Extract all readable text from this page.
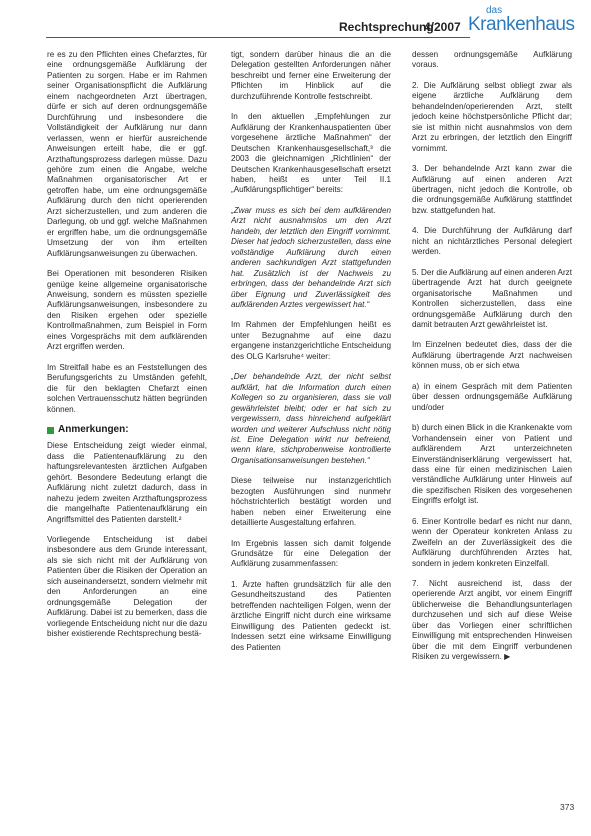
Rechtsprechung
4/2007
das
Krankenhaus

re es zu den Pflichten eines Chefarztes, für eine ordnungsgemäße Aufklärung der Patienten zu sorgen. Habe er im Rahmen seiner Organisationspflicht die Aufklärung einem nachgeordneten Arzt übertragen, dürfe er sich auf deren ordnungsgemäße Durchführung und insbesondere die Vollständigkeit der Aufklärung nur dann verlassen, wenn er hierfür ausreichende Anweisungen erteilt habe, die er ggf. Arzthaftungsprozess darlegen müsse. Dazu gehöre zum einen die Angabe, welche Maßnahmen organisatorischer Art er getroffen habe, um eine ordnungsgemäße Aufklärung durch den nicht operierenden Arzt sicherzustellen, und zum anderen die Darlegung, ob und ggf. welche Maßnahmen er ergriffen habe, um die ordnungsgemäße Umsetzung der von ihm erteilten Aufklärungsanweisungen zu überwachen.

Bei Operationen mit besonderen Risiken genüge keine allgemeine organisatorische Anweisung, sondern es müssten spezielle Aufklärungsanweisungen, insbesondere zu den Risiken ergehen oder spezielle Kontrollmaßnahmen, zum Beispiel in Form eines Vorgesprächs mit dem aufklärenden Arzt ergriffen werden.

Im Streitfall habe es an Feststellungen des Berufungsgerichts zu Umständen gefehlt, die für den beklagten Chefarzt einen solchen Vertrauensschutz hätten begründen können.

Anmerkungen:

Diese Entscheidung zeigt wieder einmal, dass die Patientenaufklärung zu den haftungsrelevantesten ärztlichen Aufgaben gehört. Besondere Bedeutung erlangt die Aufklärung nicht zuletzt dadurch, dass in nahezu jedem zweiten Arzthaftungsprozess die mangelhafte Patientenaufklärung ein Angriffsmittel des Patienten darstellt.²

Vorliegende Entscheidung ist dabei insbesondere aus dem Grunde interessant, als sie sich nicht mit der Aufklärung von Patienten über die Risiken der Operation an sich auseinandersetzt, sondern vielmehr mit den Anforderungen an eine ordnungsgemäße Delegation der Aufklärung. Dabei ist zu bemerken, dass die vorliegende Entscheidung nicht nur die dazu bisher existierende Rechtsprechung bestä-

tigt, sondern darüber hinaus die an die Delegation gestellten Anforderungen näher beschreibt und ferner eine Erweiterung der Pflichten im Hinblick auf die durchzuführende Kontrolle festschreibt.

In den aktuellen „Empfehlungen zur Aufklärung der Krankenhauspatienten über vorgesehene ärztliche Maßnahmen“ der Deutschen Krankenhausgesellschaft,³ die 2003 die gleichnamigen „Richtlinien“ der Deutschen Krankenhausgesellschaft ersetzt haben, heißt es unter Teil II.1 „Aufklärungspflichtiger“ bereits:

„Zwar muss es sich bei dem aufklärenden Arzt nicht ausnahmslos um den Arzt handeln, der letztlich den Eingriff vornimmt. Dieser hat jedoch sicherzustellen, dass eine vollständige Aufklärung durch einen anderen sachkundigen Arzt stattgefunden hat. Zusätzlich ist der Nachweis zu erbringen, dass der behandelnde Arzt sich über Eignung und Zuverlässigkeit des aufklärenden Arztes vergewissert hat.“

Im Rahmen der Empfehlungen heißt es unter Bezugnahme auf eine dazu ergangene instanzgerichtliche Entscheidung des OLG Karlsruhe⁴ weiter:

„Der behandelnde Arzt, der nicht selbst aufklärt, hat die Information durch einen Kollegen so zu organisieren, dass sie voll gewährleistet bleibt; oder er hat sich zu vergewissern, dass hinreichend aufgeklärt worden und weiterer Aufschluss nicht nötig ist. Eine Delegation wirkt nur befreiend, wenn klare, stichprobenweise kontrollierte Organisationsanweisungen bestehen.“

Diese teilweise nur instanzgerichtlich bezogten Ausführungen sind nunmehr höchstrichterlich bestätigt worden und haben neben einer Erweiterung eine detaillierte Ausgestaltung erfahren.

Im Ergebnis lassen sich damit folgende Grundsätze für eine Delegation der Aufklärung zusammenfassen:

1. Ärzte haften grundsätzlich für alle den Gesundheitszustand des Patienten betreffenden nachteiligen Folgen, wenn der ärztliche Eingriff nicht durch eine wirksame Einwilligung des Patienten gedeckt ist. Indessen setzt eine wirksame Einwilligung des Patienten

dessen ordnungsgemäße Aufklärung voraus.

2. Die Aufklärung selbst obliegt zwar als eigene ärztliche Aufklärung dem behandelnden/operierenden Arzt, stellt jedoch keine höchstpersönliche Pflicht dar; sie ist mithin nicht ausnahmslos von dem Arzt zu erbringen, der letztlich den Eingriff vornimmt.

3. Der behandelnde Arzt kann zwar die Aufklärung auf einen anderen Arzt übertragen, nicht jedoch die Kontrolle, ob die ordnungsgemäße Aufklärung stattfindet bzw. stattgefunden hat.

4. Die Durchführung der Aufklärung darf nicht an nichtärztliches Personal delegiert werden.

5. Der die Aufklärung auf einen anderen Arzt übertragende Arzt hat durch geeignete organisatorische Maßnahmen und Kontrollen sicherzustellen, dass eine ordnungsgemäße Aufklärung durch den damit betrauten Arzt gewährleistet ist.

Im Einzelnen bedeutet dies, dass der die Aufklärung übertragende Arzt nachweisen können muss, ob er sich etwa

a) in einem Gespräch mit dem Patienten über dessen ordnungsgemäße Aufklärung und/oder

b) durch einen Blick in die Krankenakte vom Vorhandensein einer von Patient und aufklärendem Arzt unterzeichneten Einverständniserklärung vergewissert hat, dass eine für einen medizinischen Laien verständliche Aufklärung unter Hinweis auf die spezifischen Risiken des vorgesehenen Eingriffs erfolgt ist.

6. Einer Kontrolle bedarf es nicht nur dann, wenn der Operateur konkreten Anlass zu Zweifeln an der Zuverlässigkeit des die Aufklärung durchführenden Arztes hat, sondern in jedem konkreten Einzelfall.

7. Nicht ausreichend ist, dass der operierende Arzt angibt, vor einem Eingriff üblicherweise die Behandlungsunterlagen durchzusehen und sich auf diese Weise über das Vorliegen einer schriftlichen Einwilligung mit entsprechenden Hinweisen über die mit dem Eingriff verbundenen Risiken zu vergewissern. ▶

373
